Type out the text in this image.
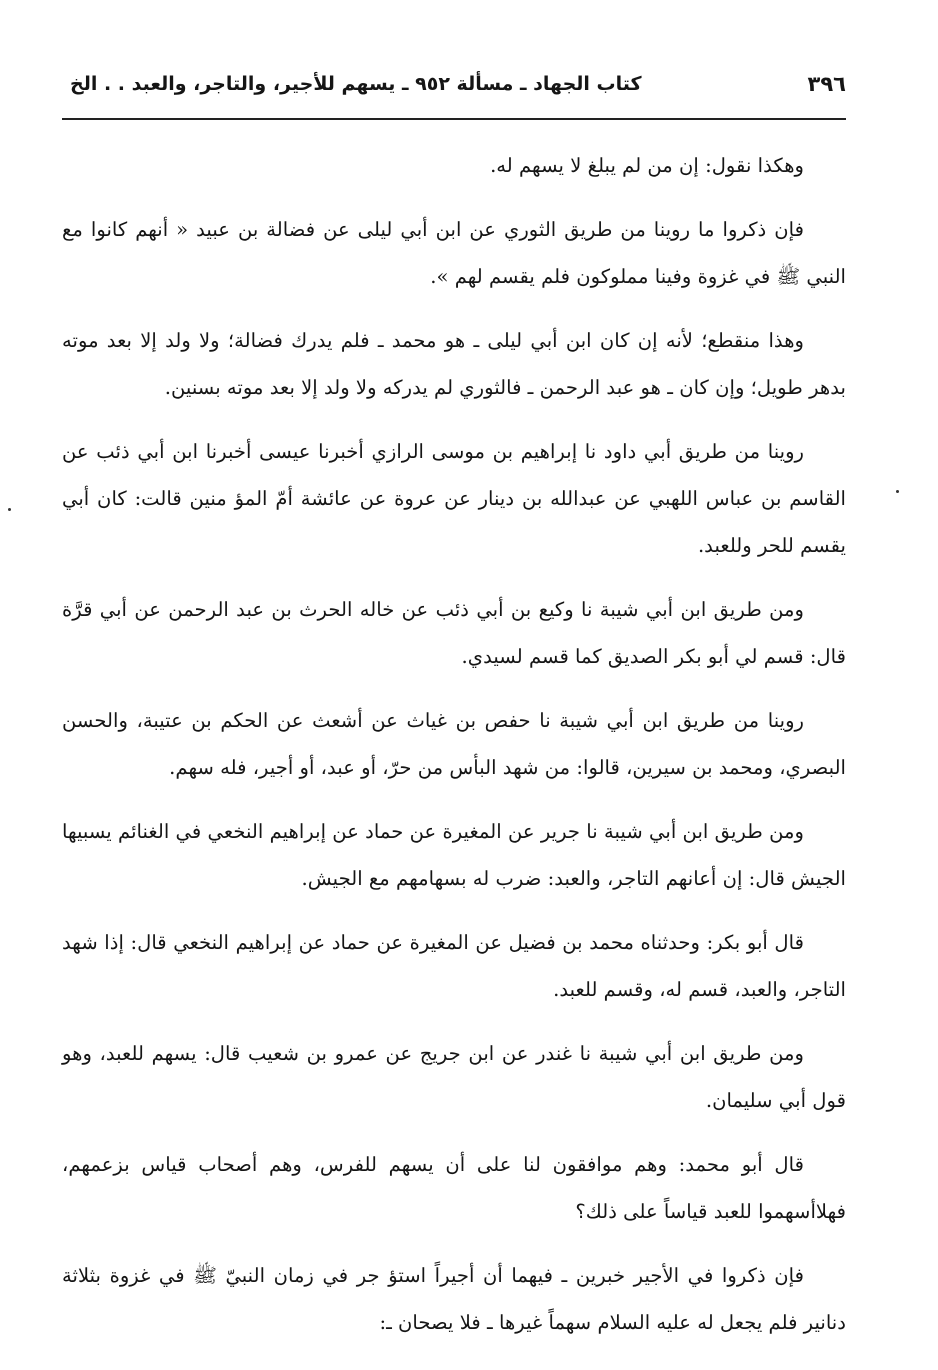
٣٩٦
كتاب الجهاد ـ مسألة ٩٥٢ ـ يسهم للأجير، والتاجر، والعبد . . الخ

وهكذا نقول: إن من لم يبلغ لا يسهم له.

فإن ذكروا ما روينا من طريق الثوري عن ابن أبي ليلى عن فضالة بن عبيد « أنهم كانوا مع النبي ﷺ في غزوة وفينا مملوكون فلم يقسم لهم ».

وهذا منقطع؛ لأنه إن كان ابن أبي ليلى ـ هو محمد ـ فلم يدرك فضالة؛ ولا ولد إلا بعد موته بدهر طويل؛ وإن كان ـ هو عبد الرحمن ـ فالثوري لم يدركه ولا ولد إلا بعد موته بسنين.

روينا من طريق أبي داود نا إبراهيم بن موسى الرازي أخبرنا عيسى أخبرنا ابن أبي ذئب عن القاسم بن عباس اللهبي عن عبدالله بن دينار عن عروة عن عائشة أمّ المؤ منين قالت: كان أبي يقسم للحر وللعبد.

ومن طريق ابن أبي شيبة نا وكيع بن أبي ذئب عن خاله الحرث بن عبد الرحمن عن أبي قرَّة قال: قسم لي أبو بكر الصديق كما قسم لسيدي.

روينا من طريق ابن أبي شيبة نا حفص بن غياث عن أشعث عن الحكم بن عتيبة، والحسن البصري، ومحمد بن سيرين، قالوا: من شهد البأس من حرّ، أو عبد، أو أجير، فله سهم.

ومن طريق ابن أبي شيبة نا جرير عن المغيرة عن حماد عن إبراهيم النخعي في الغنائم يسبيها الجيش قال: إن أعانهم التاجر، والعبد: ضرب له بسهامهم مع الجيش.

قال أبو بكر: وحدثناه محمد بن فضيل عن المغيرة عن حماد عن إبراهيم النخعي قال: إذا شهد التاجر، والعبد، قسم له، وقسم للعبد.

ومن طريق ابن أبي شيبة نا غندر عن ابن جريج عن عمرو بن شعيب قال: يسهم للعبد، وهو قول أبي سليمان.

قال أبو محمد: وهم موافقون لنا على أن يسهم للفرس، وهم أصحاب قياس بزعمهم، فهلاأسهموا للعبد قياساً على ذلك؟

فإن ذكروا في الأجير خبرين ـ فيهما أن أجيراً استؤ جر في زمان النبيّ ﷺ في غزوة بثلاثة دنانير فلم يجعل له عليه السلام سهماً غيرها ـ فلا يصحان ـ:
